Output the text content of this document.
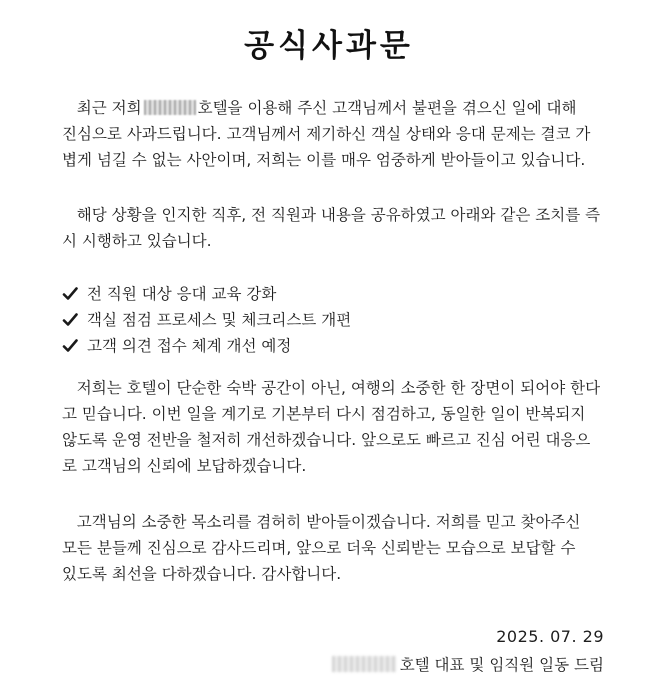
공식사과문
최근 저희	호텔을 이용해 주신 고객님께서 불편을 겪으신 일에 대해
진심으로 사과드립니다. 고객님께서 제기하신 객실 상태와 응대 문제는 결코 가
볍게 넘길 수 없는 사안이며, 저희는 이를 매우 엄중하게 받아들이고 있습니다.
해당 상황을 인지한 직후, 전 직원과 내용을 공유하였고 아래와 같은 조치를 즉
시 시행하고 있습니다.
전 직원 대상 응대 교육 강화
객실 점검 프로세스 및 체크리스트 개편
고객 의견 접수 체계 개선 예정
저희는 호텔이 단순한 숙박 공간이 아닌, 여행의 소중한 한 장면이 되어야 한다
고 믿습니다. 이번 일을 계기로 기본부터 다시 점검하고, 동일한 일이 반복되지
않도록 운영 전반을 철저히 개선하겠습니다. 앞으로도 빠르고 진심 어린 대응으
로 고객님의 신뢰에 보답하겠습니다.
고객님의 소중한 목소리를 겸허히 받아들이겠습니다. 저희를 믿고 찾아주신
모든 분들께 진심으로 감사드리며, 앞으로 더욱 신뢰받는 모습으로 보답할 수
있도록 최선을 다하겠습니다. 감사합니다.
2025. 07. 29
호텔 대표 및 임직원 일동 드림
